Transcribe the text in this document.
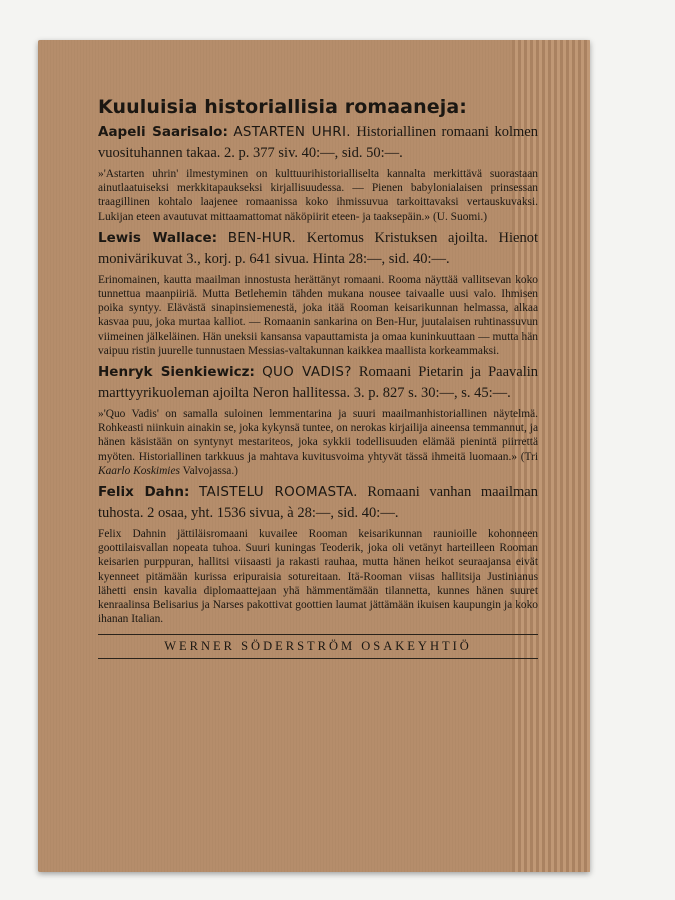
Kuuluisia historiallisia romaaneja:
Aapeli Saarisalo: ASTARTEN UHRI. Historiallinen romaani kolmen vuosituhannen takaa. 2. p. 377 siv. 40:—, sid. 50:—.
»'Astarten uhrin' ilmestyminen on kulttuurihistorialliselta kannalta merkittävä suorastaan ainutlaatuiseksi merkkitapaukseksi kirjallisuudessa. — Pienen babylonialaisen prinsessan traagillinen kohtalo laajenee romaanissa koko ihmissuvua tarkoittavaksi vertauskuvaksi. Lukijan eteen avautuvat mittaamattomat näköpiirit eteen- ja taaksepäin.» (U. Suomi.)
Lewis Wallace: BEN-HUR. Kertomus Kristuksen ajoilta. Hienot monivärikuvat 3., korj. p. 641 sivua. Hinta 28:—, sid. 40:—.
Erinomainen, kautta maailman innostusta herättänyt romaani. Rooma näyttää vallitsevan koko tunnettua maanpiiriä. Mutta Betlehemin tähden mukana nousee taivaalle uusi valo. Ihmisen poika syntyy. Elävästä sinapinsiemenestä, joka itää Rooman keisarikunnan helmassa, alkaa kasvaa puu, joka murtaa kalliot. — Romaanin sankarina on Ben-Hur, juutalaisen ruhtinassuvun viimeinen jälkeläinen. Hän uneksii kansansa vapauttamista ja omaa kuninkuuttaan — mutta hän vaipuu ristin juurelle tunnustaen Messias-valtakunnan kaikkea maallista korkeammaksi.
Henryk Sienkiewicz: QUO VADIS? Romaani Pietarin ja Paavalin marttyyrikuoleman ajoilta Neron hallitessa. 3. p. 827 s. 30:—, s. 45:—.
»'Quo Vadis' on samalla suloinen lemmentarina ja suuri maailmanhistoriallinen näytelmä. Rohkeasti niinkuin ainakin se, joka kykynsä tuntee, on nerokas kirjailija aineensa temmannut, ja hänen käsistään on syntynyt mestariteos, joka sykkii todellisuuden elämää pienintä piirrettä myöten. Historiallinen tarkkuus ja mahtava kuvitusvoima yhtyvät tässä ihmeitä luomaan.» (Tri Kaarlo Koskimies Valvojassa.)
Felix Dahn: TAISTELU ROOMASTA. Romaani vanhan maailman tuhosta. 2 osaa, yht. 1536 sivua, à 28:—, sid. 40:—.
Felix Dahnin jättiläisromaani kuvailee Rooman keisarikunnan raunioille kohonneen goottilaisvallan nopeata tuhoa. Suuri kuningas Teoderik, joka oli vetänyt harteilleen Rooman keisarien purppuran, hallitsi viisaasti ja rakasti rauhaa, mutta hänen heikot seuraajansa eivät kyenneet pitämään kurissa eripuraisia sotureitaan. Itä-Rooman viisas hallitsija Justinianus lähetti ensin kavalia diplomaattejaan yhä hämmentämään tilannetta, kunnes hänen suuret kenraalinsa Belisarius ja Narses pakottivat goottien laumat jättämään ikuisen kaupungin ja koko ihanan Italian.
WERNER SÖDERSTRÖM OSAKEYHTIÖ
